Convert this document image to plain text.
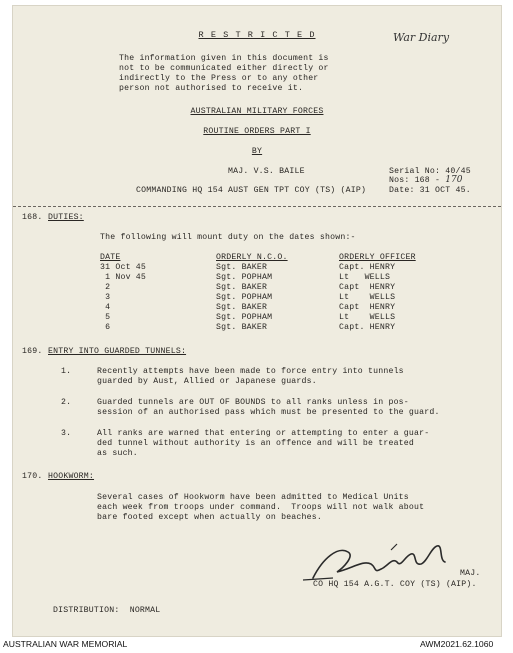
R E S T R I C T E D	War Diary
The information given in this document is
not to be communicated either directly or
indirectly to the Press or to any other
person not authorised to receive it.
AUSTRALIAN MILITARY FORCES
ROUTINE ORDERS PART I
BY
MAJ. V.S. BAILE
COMMANDING HQ 154 AUST GEN TPT COY (TS) (AIP)
Serial No: 40/45
Nos: 168 - 170
Date: 31 OCT 45.
168. DUTIES:
The following will mount duty on the dates shown:-
DATE	ORDERLY N.C.O.	ORDERLY OFFICER
31 Oct 45	Sgt. BAKER	Capt. HENRY
1 Nov 45	Sgt. POPHAM	Lt   WELLS
2	Sgt. BAKER	Capt  HENRY
3	Sgt. POPHAM	Lt    WELLS
4	Sgt. BAKER	Capt  HENRY
5	Sgt. POPHAM	Lt    WELLS
6	Sgt. BAKER	Capt. HENRY
169. ENTRY INTO GUARDED TUNNELS:
1.	Recently attempts have been made to force entry into tunnels
guarded by Aust, Allied or Japanese guards.
2.	Guarded tunnels are OUT OF BOUNDS to all ranks unless in pos-
session of an authorised pass which must be presented to the guard.
3.	All ranks are warned that entering or attempting to enter a guar-
ded tunnel without authority is an offence and will be treated
as such.
170. HOOKWORM:
Several cases of Hookworm have been admitted to Medical Units
each week from troops under command.  Troops will not walk about
bare footed except when actually on beaches.
MAJ.
CO HQ 154 A.G.T. COY (TS) (AIP).
DISTRIBUTION:  NORMAL
AUSTRALIAN WAR MEMORIAL	AWM2021.62.1060
